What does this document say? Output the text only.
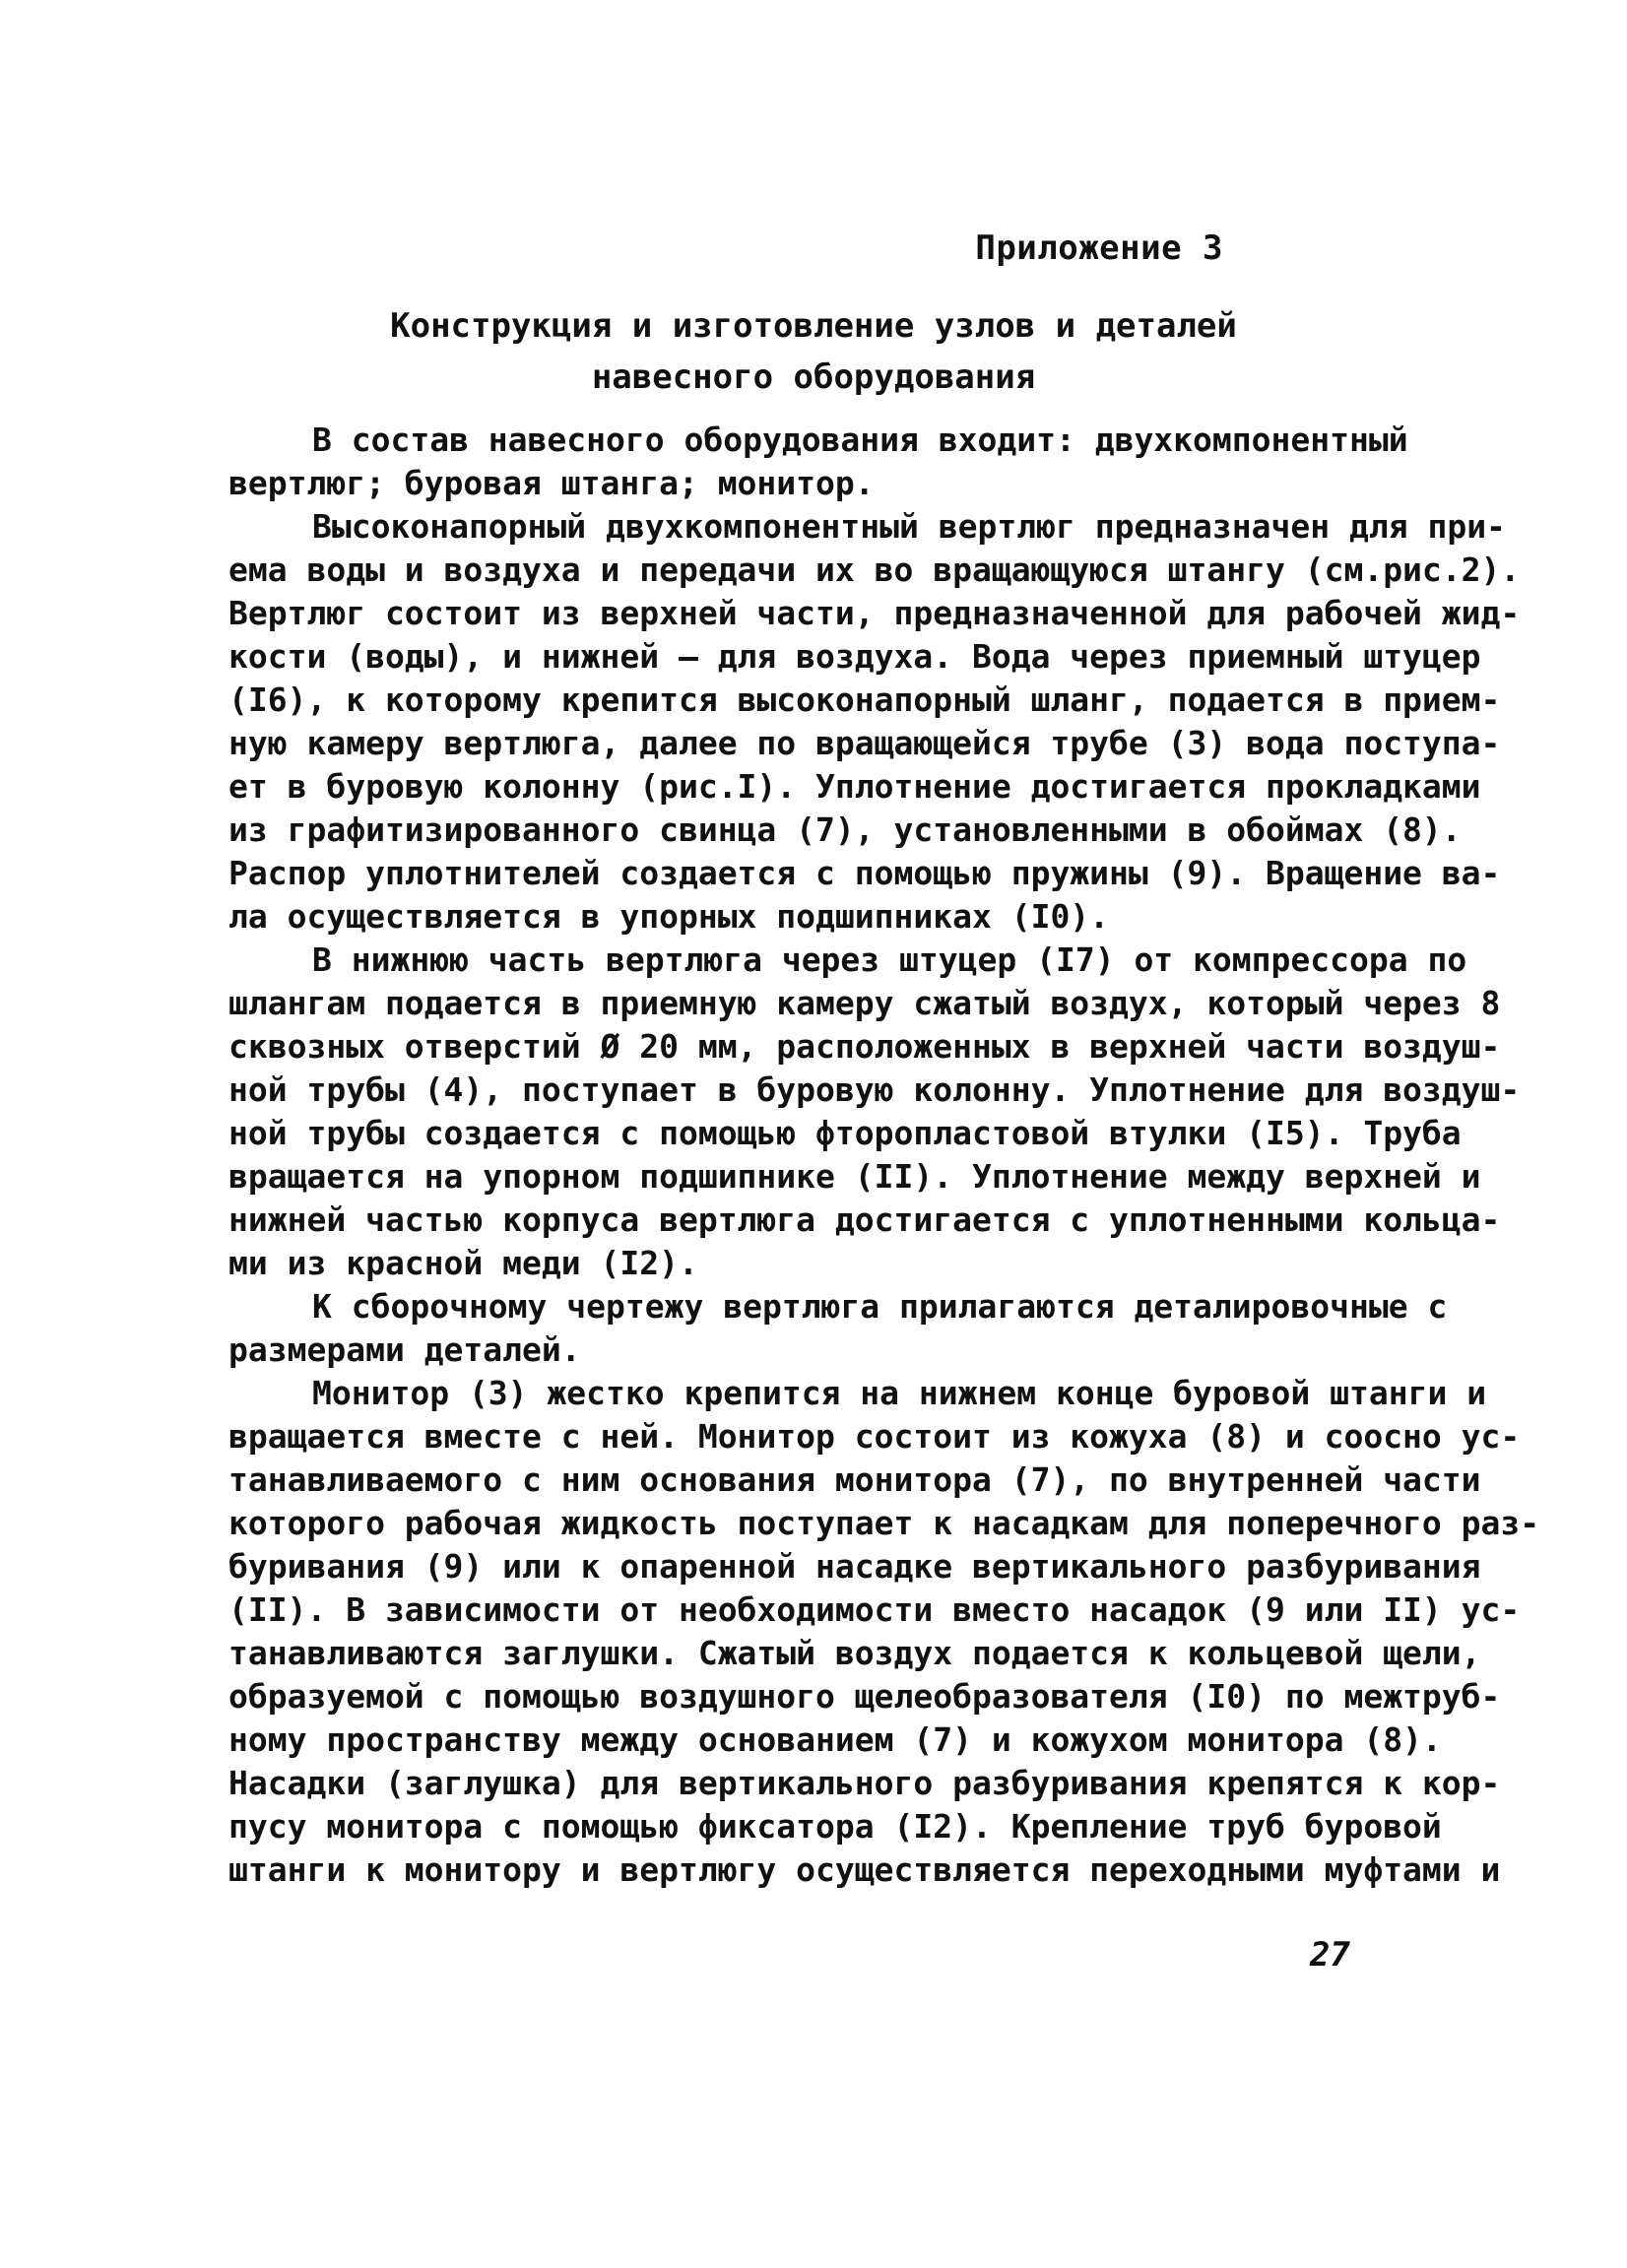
Приложение 3
Конструкция и изготовление узлов и деталей
навесного оборудования
В состав навесного оборудования входит: двухкомпонентный
вертлюг; буровая штанга; монитор.
Высоконапорный двухкомпонентный вертлюг предназначен для при-
ема воды и воздуха и передачи их во вращающуюся штангу (см.рис.2).
Вертлюг состоит из верхней части, предназначенной для рабочей жид-
кости (воды), и нижней – для воздуха. Вода через приемный штуцер
(I6), к которому крепится высоконапорный шланг, подается в прием-
ную камеру вертлюга, далее по вращающейся трубе (3) вода поступа-
ет в буровую колонну (рис.I). Уплотнение достигается прокладками
из графитизированного свинца (7), установленными в обоймах (8).
Распор уплотнителей создается с помощью пружины (9). Вращение ва-
ла осуществляется в упорных подшипниках (I0).
В нижнюю часть вертлюга через штуцер (I7) от компрессора по
шлангам подается в приемную камеру сжатый воздух, который через 8
сквозных отверстий Ø 20 мм, расположенных в верхней части воздуш-
ной трубы (4), поступает в буровую колонну. Уплотнение для воздуш-
ной трубы создается с помощью фторопластовой втулки (I5). Труба
вращается на упорном подшипнике (II). Уплотнение между верхней и
нижней частью корпуса вертлюга достигается с уплотненными кольца-
ми из красной меди (I2).
К сборочному чертежу вертлюга прилагаются деталировочные с
размерами деталей.
Монитор (3) жестко крепится на нижнем конце буровой штанги и
вращается вместе с ней. Монитор состоит из кожуха (8) и соосно ус-
танавливаемого с ним основания монитора (7), по внутренней части
которого рабочая жидкость поступает к насадкам для поперечного раз-
буривания (9) или к опаренной насадке вертикального разбуривания
(II). В зависимости от необходимости вместо насадок (9 или II) ус-
танавливаются заглушки. Сжатый воздух подается к кольцевой щели,
образуемой с помощью воздушного щелеобразователя (I0) по межтруб-
ному пространству между основанием (7) и кожухом монитора (8).
Насадки (заглушка) для вертикального разбуривания крепятся к кор-
пусу монитора с помощью фиксатора (I2). Крепление труб буровой
штанги к монитору и вертлюгу осуществляется переходными муфтами и
27
